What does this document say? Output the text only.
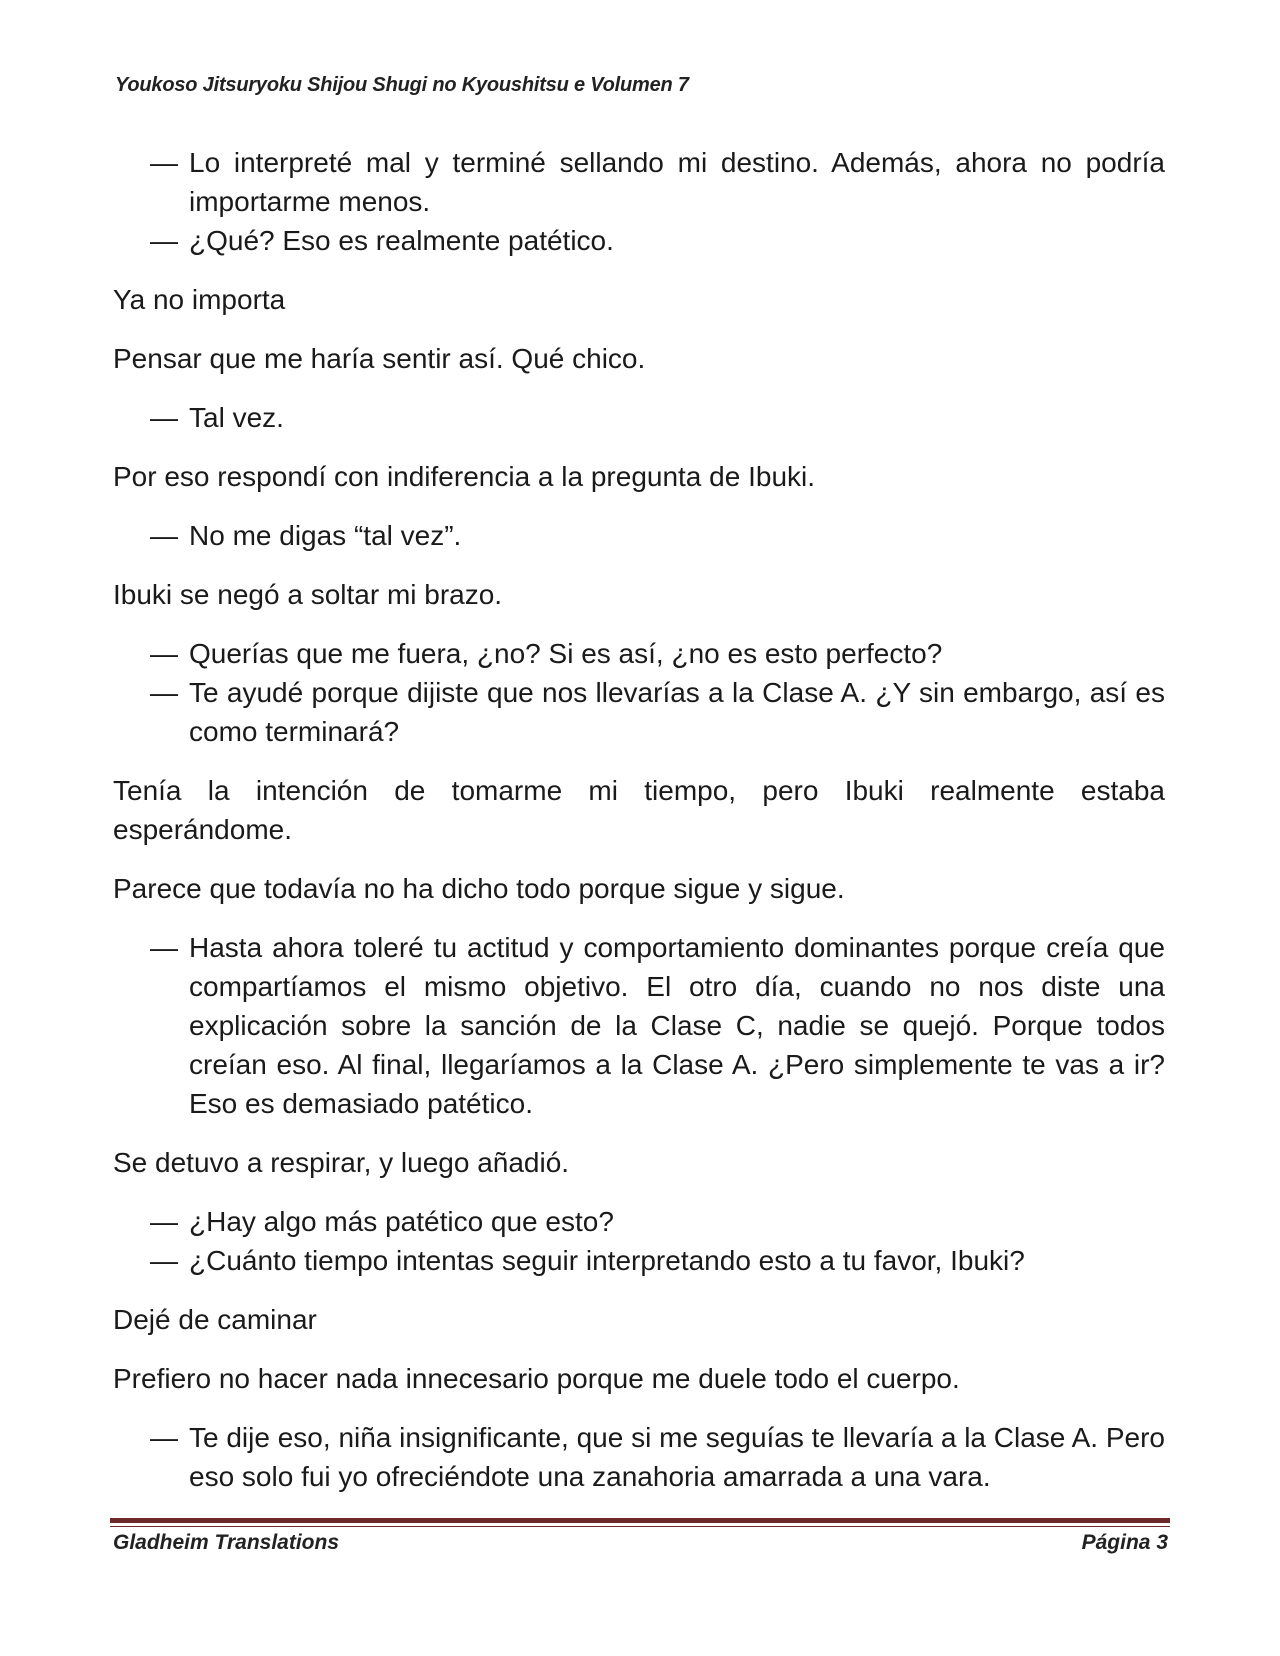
Youkoso Jitsuryoku Shijou Shugi no Kyoushitsu e Volumen 7

— Lo interpreté mal y terminé sellando mi destino. Además, ahora no podría importarme menos.

— ¿Qué? Eso es realmente patético.

Ya no importa

Pensar que me haría sentir así. Qué chico.

— Tal vez.

Por eso respondí con indiferencia a la pregunta de Ibuki.

— No me digas “tal vez”.

Ibuki se negó a soltar mi brazo.

— Querías que me fuera, ¿no? Si es así, ¿no es esto perfecto?

— Te ayudé porque dijiste que nos llevarías a la Clase A. ¿Y sin embargo, así es como terminará?

Tenía la intención de tomarme mi tiempo, pero Ibuki realmente estaba esperándome.

Parece que todavía no ha dicho todo porque sigue y sigue.

— Hasta ahora toleré tu actitud y comportamiento dominantes porque creía que compartíamos el mismo objetivo. El otro día, cuando no nos diste una explicación sobre la sanción de la Clase C, nadie se quejó. Porque todos creían eso. Al final, llegaríamos a la Clase A. ¿Pero simplemente te vas a ir? Eso es demasiado patético.

Se detuvo a respirar, y luego añadió.

— ¿Hay algo más patético que esto?

— ¿Cuánto tiempo intentas seguir interpretando esto a tu favor, Ibuki?

Dejé de caminar

Prefiero no hacer nada innecesario porque me duele todo el cuerpo.

— Te dije eso, niña insignificante, que si me seguías te llevaría a la Clase A. Pero eso solo fui yo ofreciéndote una zanahoria amarrada a una vara.

Gladheim Translations	Página 3
